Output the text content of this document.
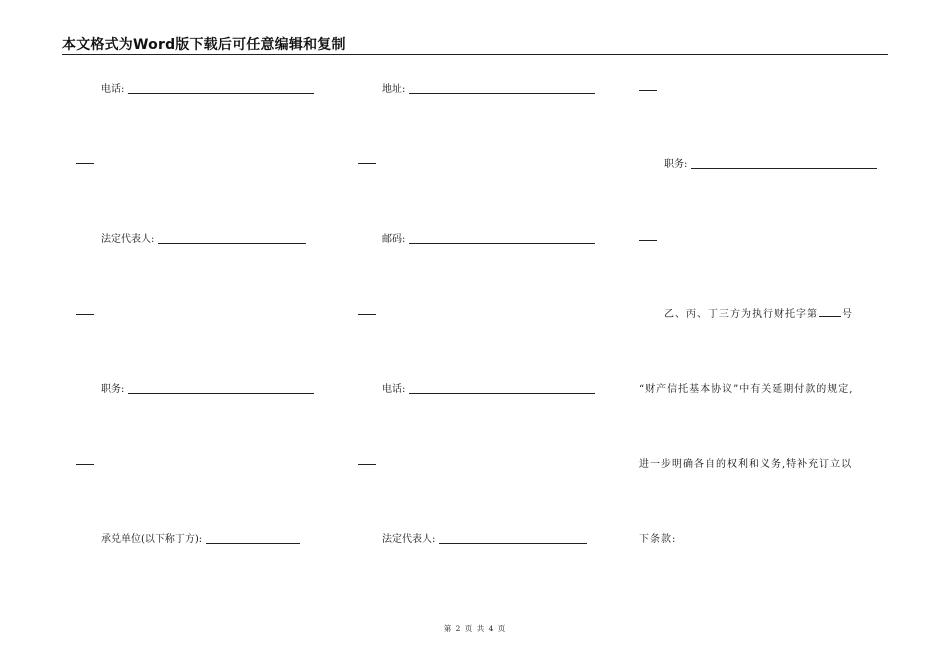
本文格式为Word版下载后可任意编辑和复制
电话:
法定代表人:
职务:
承兑单位(以下称丁方):
地址:
邮码:
电话:
法定代表人:
职务:
乙、丙、丁三方为执行财托字第 号
“财产信托基本协议”中有关延期付款的规定,
进一步明确各自的权利和义务,特补充订立以
下条款:
第 2 页 共 4 页
